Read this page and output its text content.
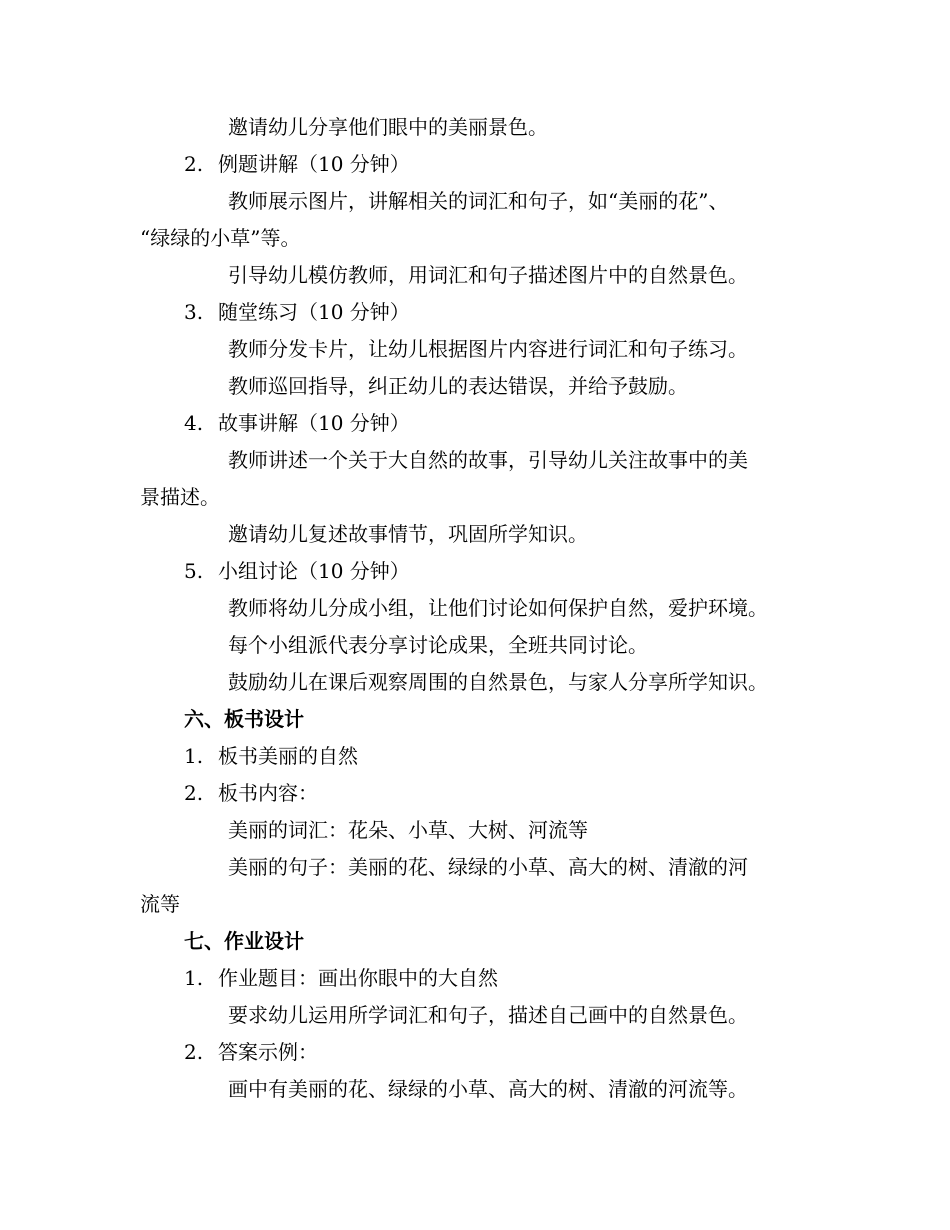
邀请幼儿分享他们眼中的美丽景色。
2. 例题讲解（10 分钟）
教师展示图片，讲解相关的词汇和句子，如“美丽的花”、
“绿绿的小草”等。
引导幼儿模仿教师，用词汇和句子描述图片中的自然景色。
3. 随堂练习（10 分钟）
教师分发卡片，让幼儿根据图片内容进行词汇和句子练习。
教师巡回指导，纠正幼儿的表达错误，并给予鼓励。
4. 故事讲解（10 分钟）
教师讲述一个关于大自然的故事，引导幼儿关注故事中的美
景描述。
邀请幼儿复述故事情节，巩固所学知识。
5. 小组讨论（10 分钟）
教师将幼儿分成小组，让他们讨论如何保护自然，爱护环境。
每个小组派代表分享讨论成果，全班共同讨论。
鼓励幼儿在课后观察周围的自然景色，与家人分享所学知识。
六、板书设计
1. 板书美丽的自然
2. 板书内容：
美丽的词汇：花朵、小草、大树、河流等
美丽的句子：美丽的花、绿绿的小草、高大的树、清澈的河
流等
七、作业设计
1. 作业题目：画出你眼中的大自然
要求幼儿运用所学词汇和句子，描述自己画中的自然景色。
2. 答案示例：
画中有美丽的花、绿绿的小草、高大的树、清澈的河流等。
